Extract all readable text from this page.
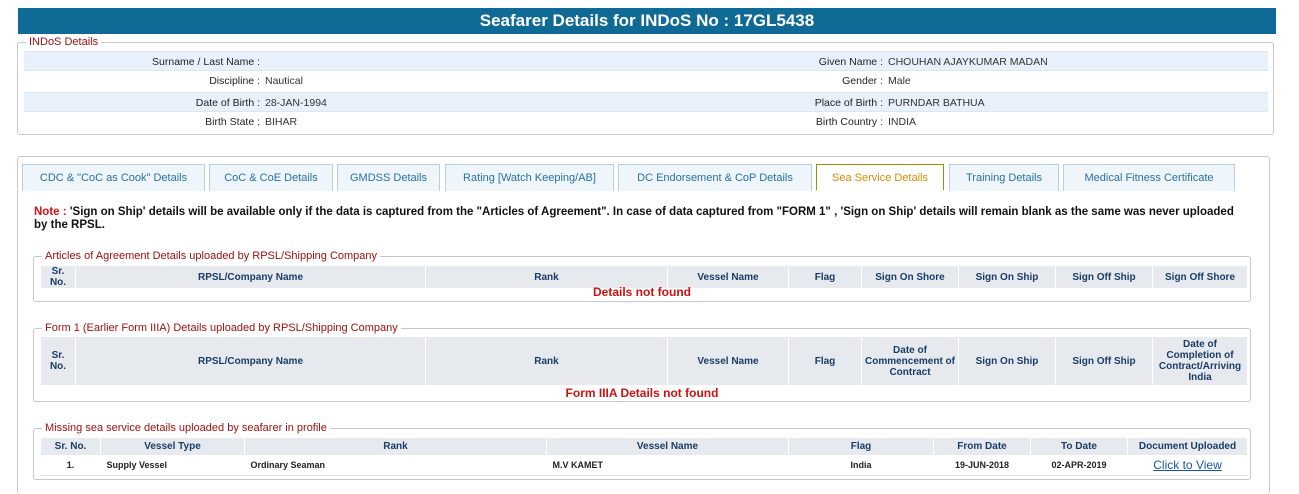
Seafarer Details for INDoS No : 17GL5438
INDoS Details
Surname / Last Name :	Given Name : CHOUHAN AJAYKUMAR MADAN
Discipline : Nautical	Gender : Male
Date of Birth : 28-JAN-1994	Place of Birth : PURNDAR BATHUA
Birth State : BIHAR	Birth Country : INDIA
CDC & "CoC as Cook" Details	CoC & CoE Details	GMDSS Details	Rating [Watch Keeping/AB]	DC Endorsement & CoP Details	Sea Service Details	Training Details	Medical Fitness Certificate
Note : 'Sign on Ship' details will be available only if the data is captured from the "Articles of Agreement". In case of data captured from "FORM 1" , 'Sign on Ship' details will remain blank as the same was never uploaded by the RPSL.
Articles of Agreement Details uploaded by RPSL/Shipping Company
Sr. No.	RPSL/Company Name	Rank	Vessel Name	Flag	Sign On Shore	Sign On Ship	Sign Off Ship	Sign Off Shore
Details not found
Form 1 (Earlier Form IIIA) Details uploaded by RPSL/Shipping Company
Sr. No.	RPSL/Company Name	Rank	Vessel Name	Flag	Date of Commencement of Contract	Sign On Ship	Sign Off Ship	Date of Completion of Contract/Arriving India
Form IIIA Details not found
Missing sea service details uploaded by seafarer in profile
Sr. No.	Vessel Type	Rank	Vessel Name	Flag	From Date	To Date	Document Uploaded
1.	Supply Vessel	Ordinary Seaman	M.V KAMET	India	19-JUN-2018	02-APR-2019	Click to View
